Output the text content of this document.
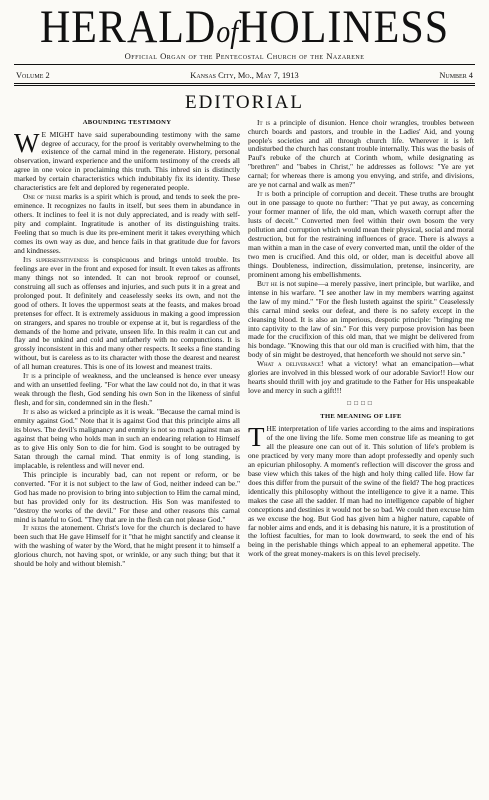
HERALDofHOLINESS
Official Organ of the Pentecostal Church of the Nazarene
Volume 2	Kansas City, Mo., May 7, 1913	Number 4
EDITORIAL
ABOUNDING TESTIMONY

W E MIGHT have said superabounding testimony with the same degree of accuracy, for the proof is veritably overwhelming to the existence of the carnal mind in the regenerate. History, personal observation, inward experience and the uniform testimony of the creeds all agree in one voice in proclaiming this truth. This inbred sin is distinctly marked by certain characteristics which indubitably fix its identity. These characteristics are felt and deplored by regenerated people.

One of these marks is a spirit which is proud, and tends to seek the pre-eminence. It recognizes no faults in itself, but sees them in abundance in others. It inclines to feel it is not duly appreciated, and is ready with self-pity and complaint. Ingratitude is another of its distinguishing traits. Feeling that so much is due its pre-eminent merit it takes everything which comes its own way as due, and hence fails in that gratitude due for favors and kindnesses.

Its supersensitiveness is conspicuous and brings untold trouble. Its feelings are ever in the front and exposed for insult. It even takes as affronts many things not so intended. It can not brook reproof or counsel, construing all such as offenses and injuries, and such puts it in a great and prolonged pout. It definitely and ceaselessly seeks its own, and not the good of others. It loves the uppermost seats at the feasts, and makes broad pretenses for effect. It is extremely assiduous in making a good impression on strangers, and spares no trouble or expense at it, but is regardless of the demands of the home and private, unseen life. In this realm it can cut and flay and be unkind and cold and unfatherly with no compunctions. It is grossly inconsistent in this and many other respects. It seeks a fine standing without, but is careless as to its character with those the dearest and nearest of all human creatures. This is one of its lowest and meanest traits.

It is a principle of weakness, and the uncleansed is hence ever uneasy and with an unsettled feeling. "For what the law could not do, in that it was weak through the flesh, God sending his own Son in the likeness of sinful flesh, and for sin, condemned sin in the flesh."

It is also as wicked a principle as it is weak. "Because the carnal mind is enmity against God." Note that it is against God that this principle aims all its blows. The devil's malignancy and enmity is not so much against man as against that being who holds man in such an endearing relation to Himself as to give His only Son to die for him. God is sought to be outraged by Satan through the carnal mind. That enmity is of long standing, is implacable, is relentless and will never end.

This principle is incurably bad, can not repent or reform, or be converted. "For it is not subject to the law of God, neither indeed can be." God has made no provision to bring into subjection to Him the carnal mind, but has provided only for its destruction. His Son was manifested to "destroy the works of the devil." For these and other reasons this carnal mind is hateful to God. "They that are in the flesh can not please God."

It needs the atonement. Christ's love for the church is declared to have been such that He gave Himself for it "that he might sanctify and cleanse it with the washing of water by the Word, that he might present it to himself a glorious church, not having spot, or wrinkle, or any such thing; but that it should be holy and without blemish."

It is a principle of disunion. Hence choir wrangles, troubles between church boards and pastors, and trouble in the Ladies' Aid, and young people's societies and all through church life. Wherever it is left undisturbed the church has constant trouble internally. This was the basis of Paul's rebuke of the church at Corinth whom, while designating as "brethren" and "babes in Christ," he addresses as follows: "Ye are yet carnal; for whereas there is among you envying, and strife, and divisions, are ye not carnal and walk as men?"

It is both a principle of corruption and deceit. These truths are brought out in one passage to quote no further: "That ye put away, as concerning your former manner of life, the old man, which waxeth corrupt after the lusts of deceit." Converted men feel within their own bosom the very pollution and corruption which would mean their physical, social and moral destruction, but for the restraining influences of grace. There is always a man within a man in the case of every converted man, until the older of the two men is crucified. And this old, or older, man is deceitful above all things. Doubleness, indirection, dissimulation, pretense, insincerity, are prominent among his embellishments.

But he is not supine—a merely passive, inert principle, but warlike, and intense in his warfare. "I see another law in my members warring against the law of my mind." "For the flesh lusteth against the spirit." Ceaselessly this carnal mind seeks our defeat, and there is no safety except in the cleansing blood. It is also an imperious, despotic principle: "bringing me into captivity to the law of sin." For this very purpose provision has been made for the crucifixion of this old man, that we might be delivered from his bondage. "Knowing this that our old man is crucified with him, that the body of sin might be destroyed, that henceforth we should not serve sin."

What a deliverance! what a victory! what an emancipation—what glories are involved in this blessed work of our adorable Savior!! How our hearts should thrill with joy and gratitude to the Father for His unspeakable love and mercy in such a gift!!!

□□□□
THE MEANING OF LIFE

THE interpretation of life varies according to the aims and inspirations of the one living the life. Some men construe life as meaning to get all the pleasure one can out of it. This solution of life's problem is one practiced by very many more than adopt professedly and openly such an epicurian philosophy. A moment's reflection will discover the gross and base view which this takes of the high and holy thing called life. How far does this differ from the pursuit of the swine of the field? The hog practices identically this philosophy without the intelligence to give it a name. This makes the case all the sadder. If man had no intelligence capable of higher conceptions and destinies it would not be so bad. We could then excuse him as we excuse the hog. But God has given him a higher nature, capable of far nobler aims and ends, and it is debasing his nature, it is a prostitution of the loftiest faculties, for man to look downward, to seek the end of his being in the perishable things which appeal to an ephemeral appetite. The work of the great money-makers is on this level precisely.
